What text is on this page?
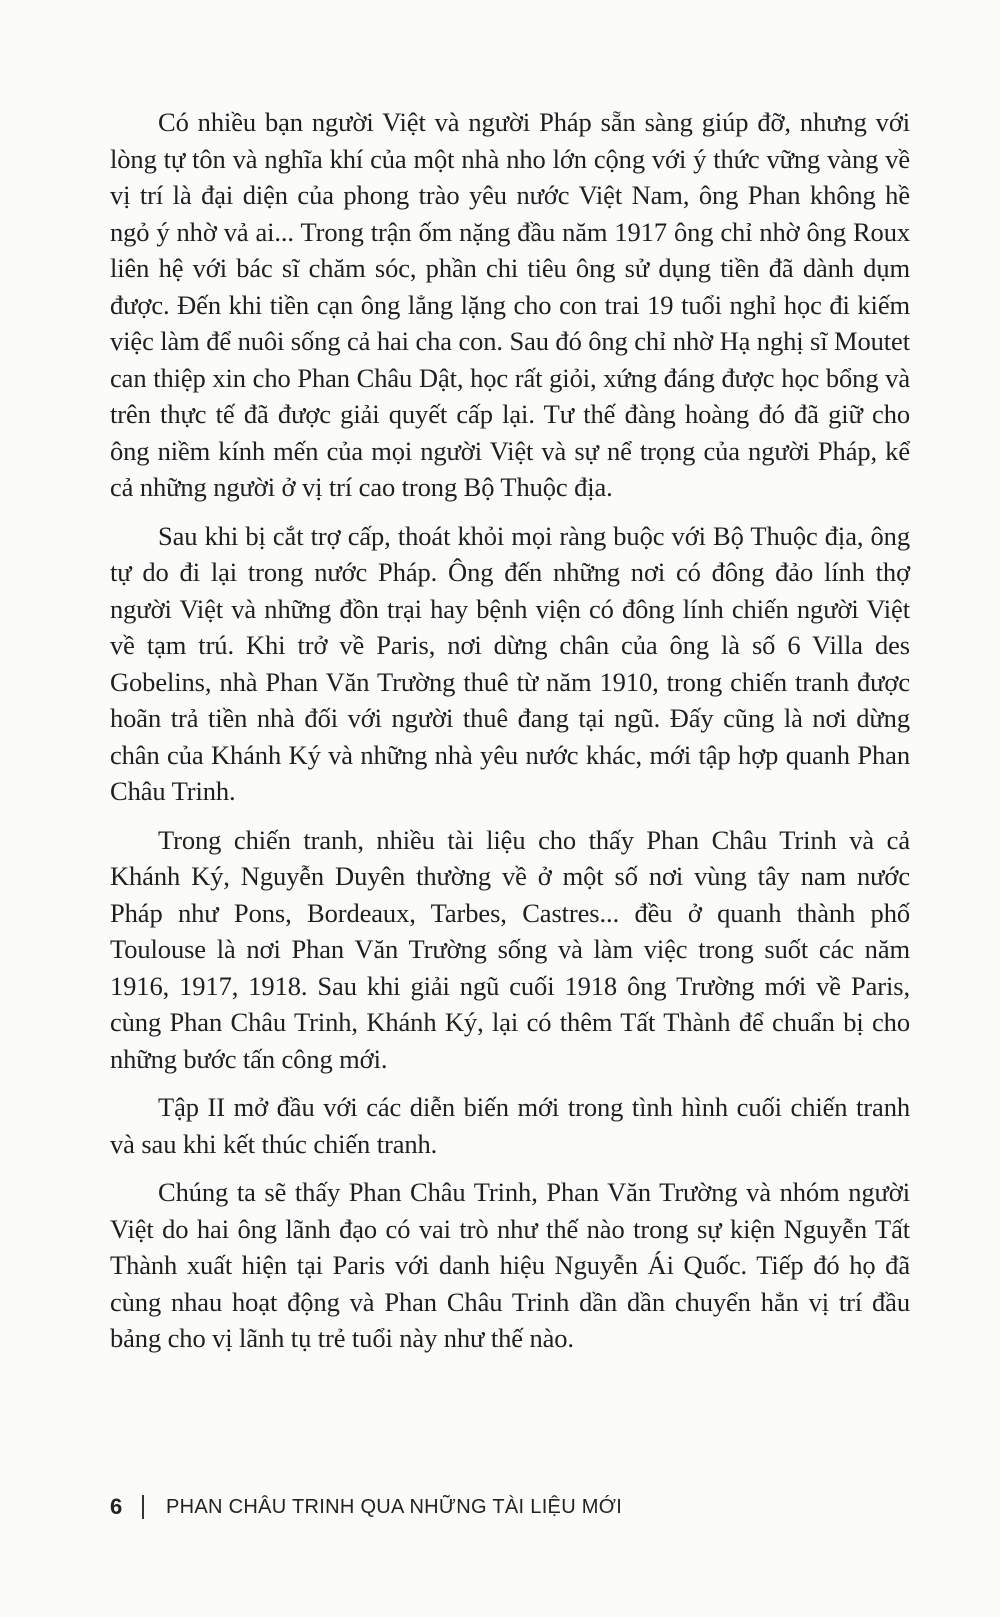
Có nhiều bạn người Việt và người Pháp sẵn sàng giúp đỡ, nhưng với lòng tự tôn và nghĩa khí của một nhà nho lớn cộng với ý thức vững vàng về vị trí là đại diện của phong trào yêu nước Việt Nam, ông Phan không hề ngỏ ý nhờ vả ai... Trong trận ốm nặng đầu năm 1917 ông chỉ nhờ ông Roux liên hệ với bác sĩ chăm sóc, phần chi tiêu ông sử dụng tiền đã dành dụm được. Đến khi tiền cạn ông lẳng lặng cho con trai 19 tuổi nghỉ học đi kiếm việc làm để nuôi sống cả hai cha con. Sau đó ông chỉ nhờ Hạ nghị sĩ Moutet can thiệp xin cho Phan Châu Dật, học rất giỏi, xứng đáng được học bổng và trên thực tế đã được giải quyết cấp lại. Tư thế đàng hoàng đó đã giữ cho ông niềm kính mến của mọi người Việt và sự nể trọng của người Pháp, kể cả những người ở vị trí cao trong Bộ Thuộc địa.

Sau khi bị cắt trợ cấp, thoát khỏi mọi ràng buộc với Bộ Thuộc địa, ông tự do đi lại trong nước Pháp. Ông đến những nơi có đông đảo lính thợ người Việt và những đồn trại hay bệnh viện có đông lính chiến người Việt về tạm trú. Khi trở về Paris, nơi dừng chân của ông là số 6 Villa des Gobelins, nhà Phan Văn Trường thuê từ năm 1910, trong chiến tranh được hoãn trả tiền nhà đối với người thuê đang tại ngũ. Đấy cũng là nơi dừng chân của Khánh Ký và những nhà yêu nước khác, mới tập hợp quanh Phan Châu Trinh.

Trong chiến tranh, nhiều tài liệu cho thấy Phan Châu Trinh và cả Khánh Ký, Nguyễn Duyên thường về ở một số nơi vùng tây nam nước Pháp như Pons, Bordeaux, Tarbes, Castres... đều ở quanh thành phố Toulouse là nơi Phan Văn Trường sống và làm việc trong suốt các năm 1916, 1917, 1918. Sau khi giải ngũ cuối 1918 ông Trường mới về Paris, cùng Phan Châu Trinh, Khánh Ký, lại có thêm Tất Thành để chuẩn bị cho những bước tấn công mới.

Tập II mở đầu với các diễn biến mới trong tình hình cuối chiến tranh và sau khi kết thúc chiến tranh.

Chúng ta sẽ thấy Phan Châu Trinh, Phan Văn Trường và nhóm người Việt do hai ông lãnh đạo có vai trò như thế nào trong sự kiện Nguyễn Tất Thành xuất hiện tại Paris với danh hiệu Nguyễn Ái Quốc. Tiếp đó họ đã cùng nhau hoạt động và Phan Châu Trinh dần dần chuyển hẳn vị trí đầu bảng cho vị lãnh tụ trẻ tuổi này như thế nào.

6	PHAN CHÂU TRINH QUA NHỮNG TÀI LIỆU MỚI
